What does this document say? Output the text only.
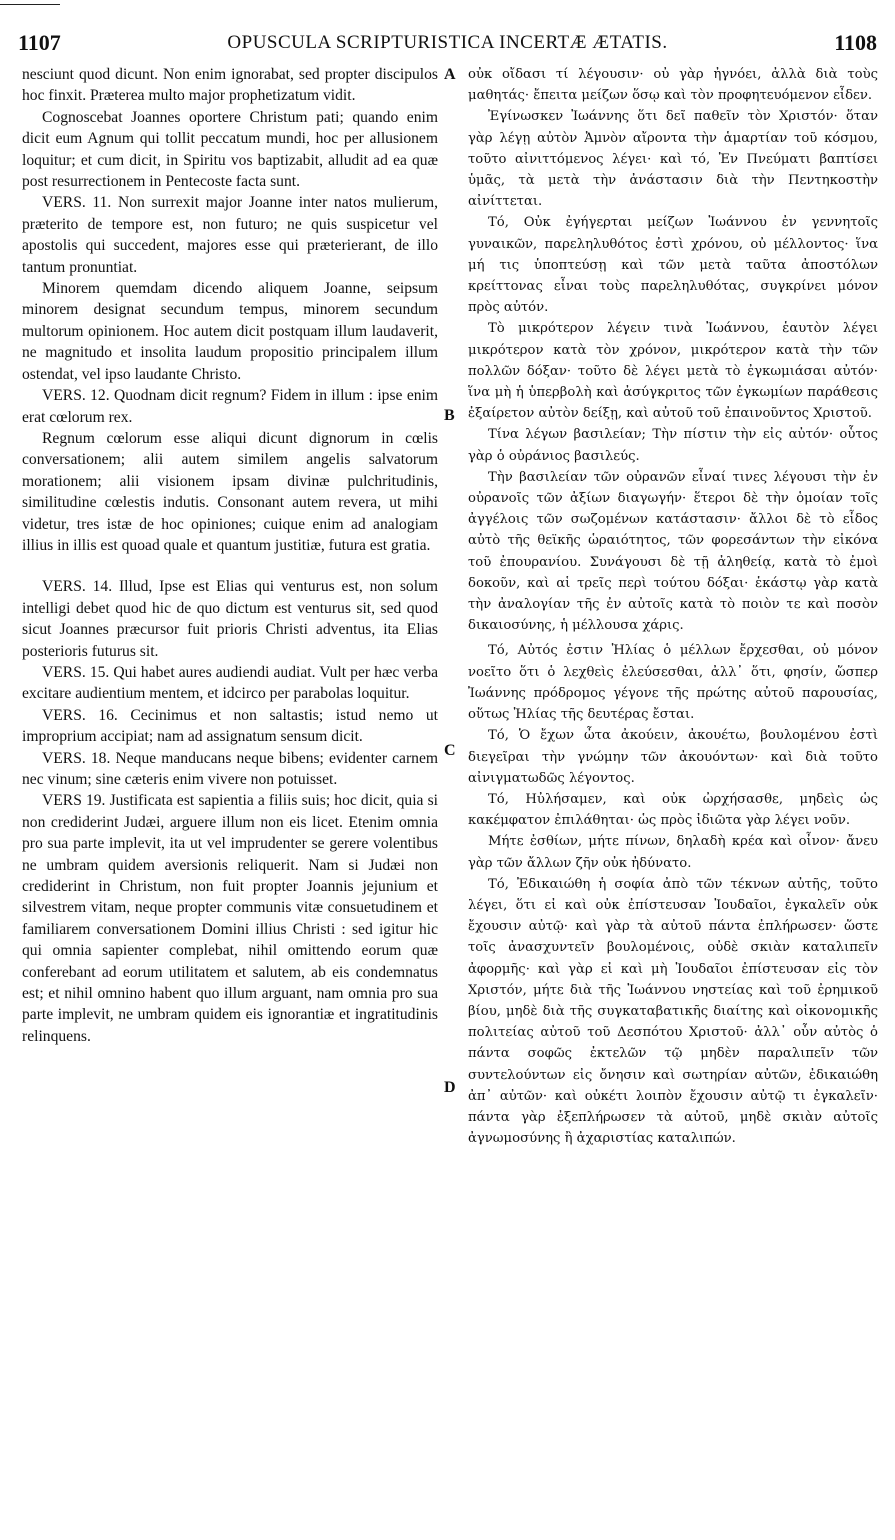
1107	OPUSCULA SCRIPTURISTICA INCERTÆ ÆTATIS.	1108
A
B
C
D

nesciunt quod dicunt. Non enim ignorabat, sed propter discipulos hoc finxit. Præterea multo major prophetizatum vidit.

Cognoscebat Joannes oportere Christum pati; quando enim dicit eum Agnum qui tollit peccatum mundi, hoc per allusionem loquitur; et cum dicit, in Spiritu vos baptizabit, alludit ad ea quæ post resurrectionem in Pentecoste facta sunt.

VERS. 11. Non surrexit major Joanne inter natos mulierum, præterito de tempore est, non futuro; ne quis suspicetur vel apostolis qui succedent, majores esse qui præterierant, de illo tantum pronuntiat.

Minorem quemdam dicendo aliquem Joanne, seipsum minorem designat secundum tempus, minorem secundum multorum opinionem. Hoc autem dicit postquam illum laudaverit, ne magnitudo et insolita laudum propositio principalem illum ostendat, vel ipso laudante Christo.

VERS. 12. Quodnam dicit regnum? Fidem in illum : ipse enim erat cœlorum rex.

Regnum cœlorum esse aliqui dicunt dignorum in cœlis conversationem; alii autem similem angelis salvatorum morationem; alii visionem ipsam divinæ pulchritudinis, similitudine cœlestis indutis. Consonant autem revera, ut mihi videtur, tres istæ de hoc opiniones; cuique enim ad analogiam illius in illis est quoad quale et quantum justitiæ, futura est gratia.

VERS. 14. Illud, Ipse est Elias qui venturus est, non solum intelligi debet quod hic de quo dictum est venturus sit, sed quod sicut Joannes præcursor fuit prioris Christi adventus, ita Elias posterioris futurus sit.

VERS. 15. Qui habet aures audiendi audiat. Vult per hæc verba excitare audientium mentem, et idcirco per parabolas loquitur.

VERS. 16. Cecinimus et non saltastis; istud nemo ut improprium accipiat; nam ad assignatum sensum dicit.

VERS. 18. Neque manducans neque bibens; evidenter carnem nec vinum; sine cæteris enim vivere non potuisset.

VERS 19. Justificata est sapientia a filiis suis; hoc dicit, quia si non crediderint Judæi, arguere illum non eis licet. Etenim omnia pro sua parte implevit, ita ut vel imprudenter se gerere volentibus ne umbram quidem aversionis reliquerit. Nam si Judæi non crediderint in Christum, non fuit propter Joannis jejunium et silvestrem vitam, neque propter communis vitæ consuetudinem et familiarem conversationem Domini illius Christi : sed igitur hic qui omnia sapienter complebat, nihil omittendo eorum quæ conferebant ad eorum utilitatem et salutem, ab eis condemnatus est; et nihil omnino habent quo illum arguant, nam omnia pro sua parte implevit, ne umbram quidem eis ignorantiæ et ingratitudinis relinquens.

οὐκ οἴδασι τί λέγουσιν· οὐ γὰρ ἠγνόει, ἀλλὰ διὰ τοὺς μαθητάς· ἔπειτα μείζων ὅσῳ καὶ τὸν προφητευόμενον εἶδεν.

Ἐγίνωσκεν Ἰωάννης ὅτι δεῖ παθεῖν τὸν Χριστόν· ὅταν γὰρ λέγῃ αὐτὸν Ἀμνὸν αἴροντα τὴν ἁμαρτίαν τοῦ κόσμου, τοῦτο αἰνιττόμενος λέγει· καὶ τό, Ἐν Πνεύματι βαπτίσει ὑμᾶς, τὰ μετὰ τὴν ἀνάστασιν διὰ τὴν Πεντηκοστὴν αἰνίττεται.

Τό, Οὐκ ἐγήγερται μείζων Ἰωάννου ἐν γεννητοῖς γυναικῶν, παρεληλυθότος ἐστὶ χρόνου, οὐ μέλλοντος· ἵνα μή τις ὑποπτεύσῃ καὶ τῶν μετὰ ταῦτα ἀποστόλων κρείττονας εἶναι τοὺς παρεληλυθότας, συγκρίνει μόνον πρὸς αὐτόν.

Τὸ μικρότερον λέγειν τινὰ Ἰωάννου, ἑαυτὸν λέγει μικρότερον κατὰ τὸν χρόνον, μικρότερον κατὰ τὴν τῶν πολλῶν δόξαν· τοῦτο δὲ λέγει μετὰ τὸ ἐγκωμιάσαι αὐτόν· ἵνα μὴ ἡ ὑπερβολὴ καὶ ἀσύγκριτος τῶν ἐγκωμίων παράθεσις ἐξαίρετον αὐτὸν δείξῃ, καὶ αὐτοῦ τοῦ ἐπαινοῦντος Χριστοῦ.

Τίνα λέγων βασιλείαν; Τὴν πίστιν τὴν εἰς αὐτόν· οὗτος γὰρ ὁ οὐράνιος βασιλεύς.

Τὴν βασιλείαν τῶν οὐρανῶν εἶναί τινες λέγουσι τὴν ἐν οὐρανοῖς τῶν ἀξίων διαγωγήν· ἕτεροι δὲ τὴν ὁμοίαν τοῖς ἀγγέλοις τῶν σωζομένων κατάστασιν· ἄλλοι δὲ τὸ εἶδος αὐτὸ τῆς θεϊκῆς ὡραιότητος, τῶν φορεσάντων τὴν εἰκόνα τοῦ ἐπουρανίου. Συνάγουσι δὲ τῇ ἀληθείᾳ, κατὰ τὸ ἐμοὶ δοκοῦν, καὶ αἱ τρεῖς περὶ τούτου δόξαι· ἑκάστῳ γὰρ κατὰ τὴν ἀναλογίαν τῆς ἐν αὐτοῖς κατὰ τὸ ποιὸν τε καὶ ποσὸν δικαιοσύνης, ἡ μέλλουσα χάρις.

Τό, Αὐτός ἐστιν Ἠλίας ὁ μέλλων ἔρχεσθαι, οὐ μόνον νοεῖτο ὅτι ὁ λεχθεὶς ἐλεύσεσθαι, ἀλλ᾽ ὅτι, φησίν, ὥσπερ Ἰωάννης πρόδρομος γέγονε τῆς πρώτης αὐτοῦ παρουσίας, οὕτως Ἠλίας τῆς δευτέρας ἔσται.

Τό, Ὁ ἔχων ὦτα ἀκούειν, ἀκουέτω, βουλομένου ἐστὶ διεγεῖραι τὴν γνώμην τῶν ἀκουόντων· καὶ διὰ τοῦτο αἰνιγματωδῶς λέγοντος.

Τό, Ηὐλήσαμεν, καὶ οὐκ ὠρχήσασθε, μηδεὶς ὡς κακέμφατον ἐπιλάθηται· ὡς πρὸς ἰδιῶτα γὰρ λέγει νοῦν.

Μήτε ἐσθίων, μήτε πίνων, δηλαδὴ κρέα καὶ οἶνον· ἄνευ γὰρ τῶν ἄλλων ζῆν οὐκ ἠδύνατο.

Τό, Ἐδικαιώθη ἡ σοφία ἀπὸ τῶν τέκνων αὐτῆς, τοῦτο λέγει, ὅτι εἰ καὶ οὐκ ἐπίστευσαν Ἰουδαῖοι, ἐγκαλεῖν οὐκ ἔχουσιν αὐτῷ· καὶ γὰρ τὰ αὐτοῦ πάντα ἐπλήρωσεν· ὥστε τοῖς ἀνασχυντεῖν βουλομένοις, οὐδὲ σκιὰν καταλιπεῖν ἀφορμῆς· καὶ γὰρ εἰ καὶ μὴ Ἰουδαῖοι ἐπίστευσαν εἰς τὸν Χριστόν, μήτε διὰ τῆς Ἰωάννου νηστείας καὶ τοῦ ἐρημικοῦ βίου, μηδὲ διὰ τῆς συγκαταβατικῆς διαίτης καὶ οἰκονομικῆς πολιτείας αὐτοῦ τοῦ Δεσπότου Χριστοῦ· ἀλλ᾽ οὖν αὐτὸς ὁ πάντα σοφῶς ἐκτελῶν τῷ μηδὲν παραλιπεῖν τῶν συντελούντων εἰς ὄνησιν καὶ σωτηρίαν αὐτῶν, ἐδικαιώθη ἀπ᾽ αὐτῶν· καὶ οὐκέτι λοιπὸν ἔχουσιν αὐτῷ τι ἐγκαλεῖν· πάντα γὰρ ἐξεπλήρωσεν τὰ αὐτοῦ, μηδὲ σκιὰν αὐτοῖς ἀγνωμοσύνης ἢ ἀχαριστίας καταλιπών.
